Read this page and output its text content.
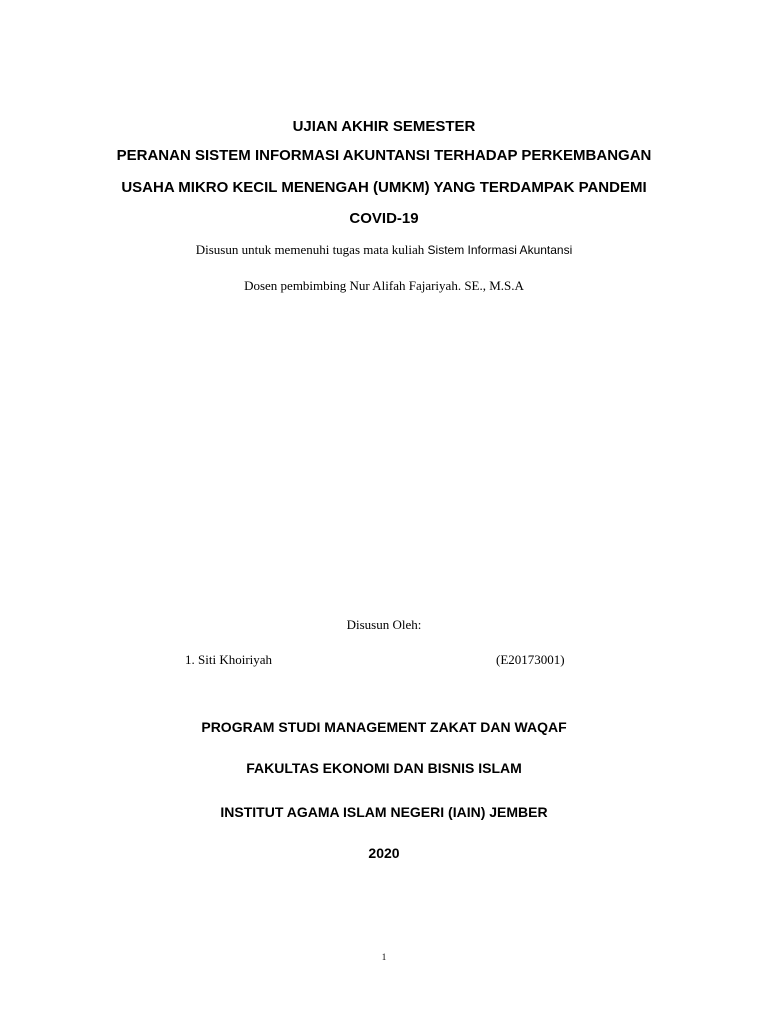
UJIAN AKHIR SEMESTER
PERANAN SISTEM INFORMASI AKUNTANSI TERHADAP PERKEMBANGAN
USAHA MIKRO KECIL MENENGAH (UMKM) YANG TERDAMPAK PANDEMI
COVID-19
Disusun untuk memenuhi tugas mata kuliah Sistem Informasi Akuntansi
Dosen pembimbing Nur Alifah Fajariyah. SE., M.S.A
Disusun Oleh:
1. Siti Khoiriyah	(E20173001)
PROGRAM STUDI MANAGEMENT ZAKAT DAN WAQAF
FAKULTAS EKONOMI DAN BISNIS ISLAM
INSTITUT AGAMA ISLAM NEGERI (IAIN) JEMBER
2020
1
